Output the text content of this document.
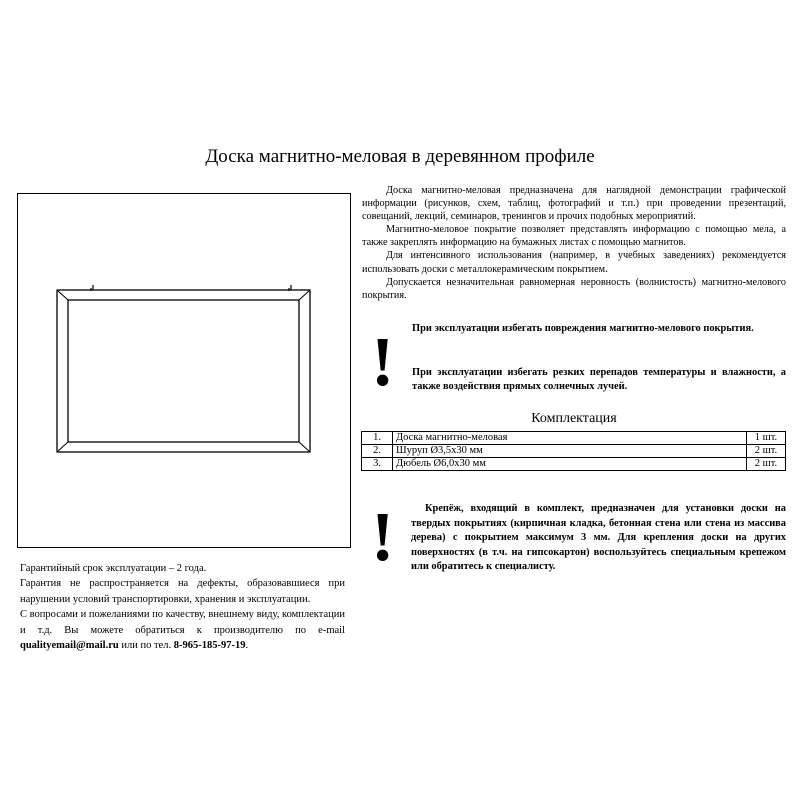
Доска магнитно-меловая в деревянном профиле

Доска магнитно-меловая предназначена для наглядной демонстрации графической информации (рисунков, схем, таблиц, фотографий и т.п.) при проведении презентаций, совещаний, лекций, семинаров, тренингов и прочих подобных мероприятий.

Магнитно-меловое покрытие позволяет представлять информацию с помощью мела, а также закреплять информацию на бумажных листах с помощью магнитов.

Для интенсивного использования (например, в учебных заведениях) рекомендуется использовать доски с металлокерамическим покрытием.

Допускается незначительная равномерная неровность (волнистость) магнитно-мелового покрытия.

! При эксплуатации избегать повреждения магнитно-мелового покрытия.
При эксплуатации избегать резких перепадов температуры и влажности, а также воздействия прямых солнечных лучей.
Комплектация
1.	Доска магнитно-меловая	1 шт.
2.	Шуруп Ø3,5x30 мм	2 шт.
3.	Дюбель Ø6,0x30 мм	2 шт.
!	Крепёж, входящий в комплект, предназначен для установки доски на твердых покрытиях (кирпичная кладка, бетонная стена или стена из массива дерева) с покрытием максимум 3 мм. Для крепления доски на других поверхностях (в т.ч. на гипсокартон) воспользуйтесь специальным крепежом или обратитесь к специалисту.

Гарантийный срок эксплуатации – 2 года.

Гарантия не распространяется на дефекты, образовавшиеся при нарушении условий транспортировки, хранения и эксплуатации.

С вопросами и пожеланиями по качеству, внешнему виду, комплектации и т.д. Вы можете обратиться к производителю по e-mail qualityemail@mail.ru или по тел. 8-965-185-97-19.
